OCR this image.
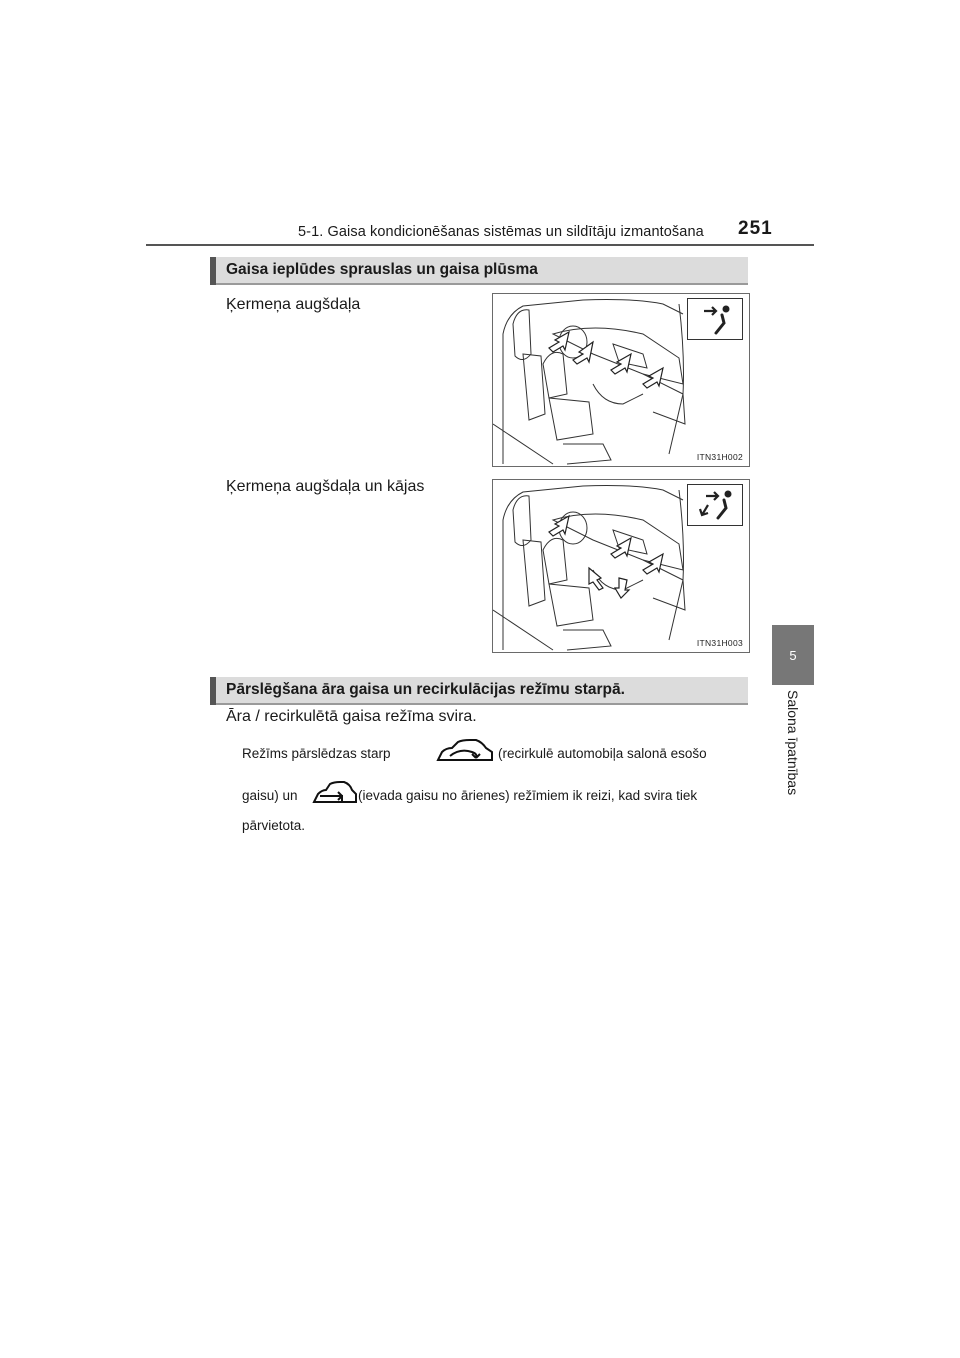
5-1. Gaisa kondicionēšanas sistēmas un sildītāju izmantošana 251
5
Salona īpatnības
Gaisa ieplūdes sprauslas un gaisa plūsma
Ķermeņa augšdaļa
ITN31H002
Ķermeņa augšdaļa un kājas
ITN31H003
Pārslēgšana āra gaisa un recirkulācijas režīmu starpā.
Āra / recirkulētā gaisa režīma svira.
Režīms pārslēdzas starp	(recirkulē automobiļa salonā esošo
gaisu) un	(ievada gaisu no ārienes) režīmiem ik reizi, kad svira tiek
pārvietota.
